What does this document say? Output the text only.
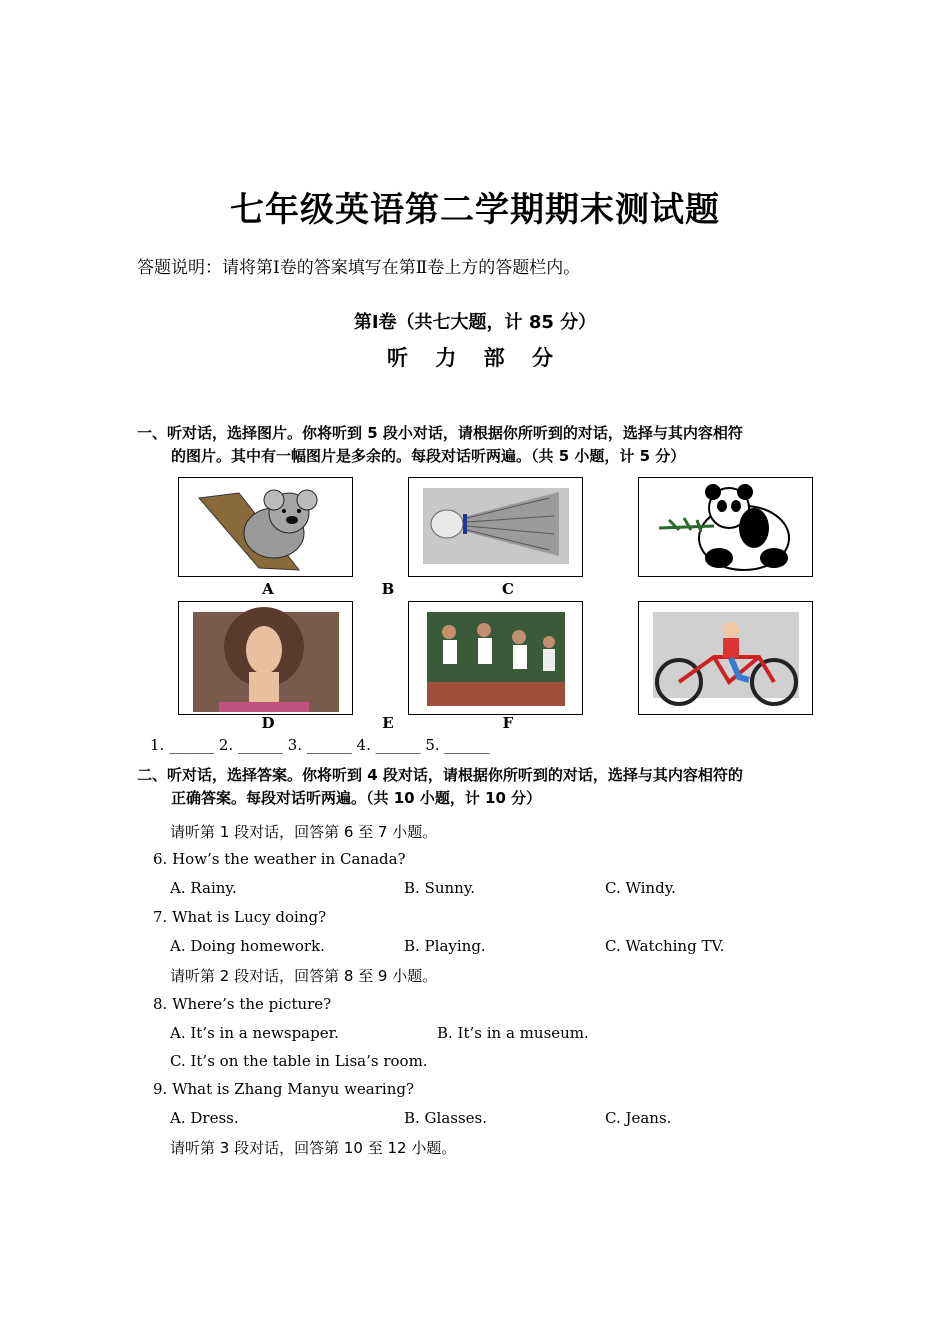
七年级英语第二学期期末测试题
答题说明：请将第Ⅰ卷的答案填写在第Ⅱ卷上方的答题栏内。
第Ⅰ卷（共七大题，计 85 分）
听 力 部 分
一、听对话，选择图片。你将听到 5 段小对话，请根据你所听到的对话，选择与其内容相符
的图片。其中有一幅图片是多余的。每段对话听两遍。（共 5 小题，计 5 分）
A	B	C
D	E	F
1. ______ 2. ______ 3. ______ 4. ______ 5. ______
二、听对话，选择答案。你将听到 4 段对话，请根据你所听到的对话，选择与其内容相符的
正确答案。每段对话听两遍。（共 10 小题，计 10 分）
请听第 1 段对话，回答第 6 至 7 小题。
6. How’s the weather in Canada?
A. Rainy.	B. Sunny.	C. Windy.
7. What is Lucy doing?
A. Doing homework.	B. Playing.	C. Watching TV.
请听第 2 段对话，回答第 8 至 9 小题。
8. Where’s the picture?
A. It’s in a newspaper.	B. It’s in a museum.
C. It’s on the table in Lisa’s room.
9. What is Zhang Manyu wearing?
A. Dress.	B. Glasses.	C. Jeans.
请听第 3 段对话，回答第 10 至 12 小题。
